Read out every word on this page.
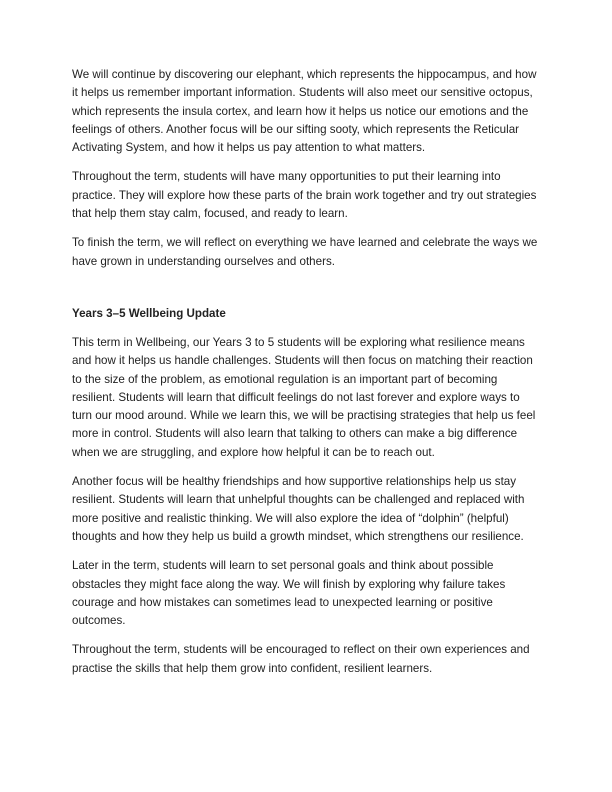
We will continue by discovering our elephant, which represents the hippocampus, and how it helps us remember important information. Students will also meet our sensitive octopus, which represents the insula cortex, and learn how it helps us notice our emotions and the feelings of others. Another focus will be our sifting sooty, which represents the Reticular Activating System, and how it helps us pay attention to what matters.

Throughout the term, students will have many opportunities to put their learning into practice. They will explore how these parts of the brain work together and try out strategies that help them stay calm, focused, and ready to learn.

To finish the term, we will reflect on everything we have learned and celebrate the ways we have grown in understanding ourselves and others.

Years 3–5 Wellbeing Update

This term in Wellbeing, our Years 3 to 5 students will be exploring what resilience means and how it helps us handle challenges. Students will then focus on matching their reaction to the size of the problem, as emotional regulation is an important part of becoming resilient. Students will learn that difficult feelings do not last forever and explore ways to turn our mood around. While we learn this, we will be practising strategies that help us feel more in control. Students will also learn that talking to others can make a big difference when we are struggling, and explore how helpful it can be to reach out.

Another focus will be healthy friendships and how supportive relationships help us stay resilient. Students will learn that unhelpful thoughts can be challenged and replaced with more positive and realistic thinking. We will also explore the idea of “dolphin” (helpful) thoughts and how they help us build a growth mindset, which strengthens our resilience.

Later in the term, students will learn to set personal goals and think about possible obstacles they might face along the way. We will finish by exploring why failure takes courage and how mistakes can sometimes lead to unexpected learning or positive outcomes.

Throughout the term, students will be encouraged to reflect on their own experiences and practise the skills that help them grow into confident, resilient learners.
